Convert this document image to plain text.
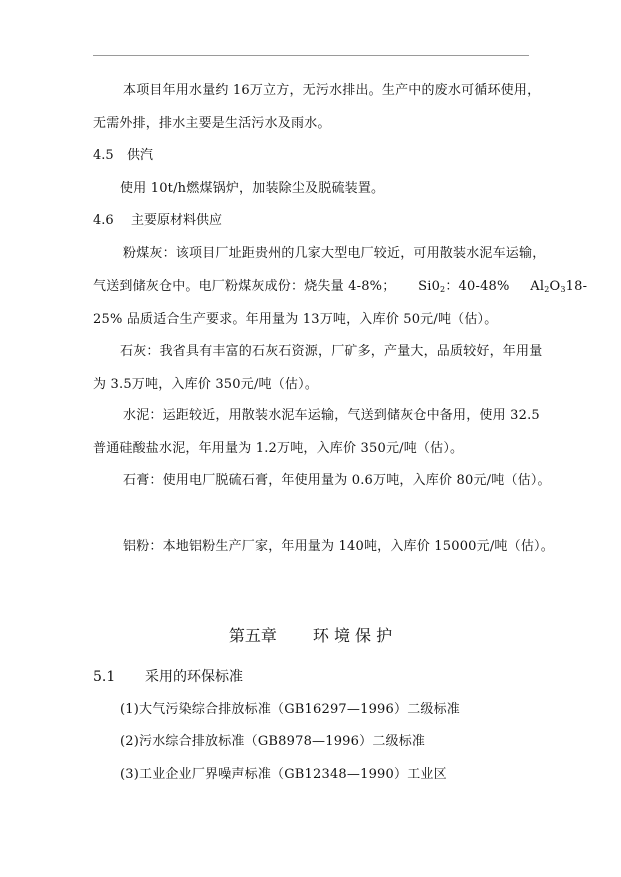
本项目年用水量约 16万立方，无污水排出。生产中的废水可循环使用，
无需外排，排水主要是生活污水及雨水。
4.5 供汽
使用 10t/h燃煤锅炉，加装除尘及脱硫装置。
4.6 主要原材料供应
粉煤灰：该项目厂址距贵州的几家大型电厂较近，可用散装水泥车运输，
气送到储灰仓中。电厂粉煤灰成份：烧失量 4-8%； $Si0_2$：40-48% $Al_2O_318-$
25% 品质适合生产要求。年用量为 13万吨，入库价 50元/吨（估）。
石灰：我省具有丰富的石灰石资源，厂矿多，产量大，品质较好，年用量
为 3.5万吨，入库价 350元/吨（估）。
水泥：运距较近，用散装水泥车运输，气送到储灰仓中备用，使用 32.5
普通硅酸盐水泥，年用量为 1.2万吨，入库价 350元/吨（估）。
石膏：使用电厂脱硫石膏，年使用量为 0.6万吨，入库价 80元/吨（估）。
铝粉：本地铝粉生产厂家，年用量为 140吨，入库价 15000元/吨（估）。
第五章 环 境 保 护
5.1 采用的环保标准
(1)大气污染综合排放标准（GB16297—1996）二级标准
(2)污水综合排放标准（GB8978—1996）二级标准
(3)工业企业厂界噪声标准（GB12348—1990）工业区
